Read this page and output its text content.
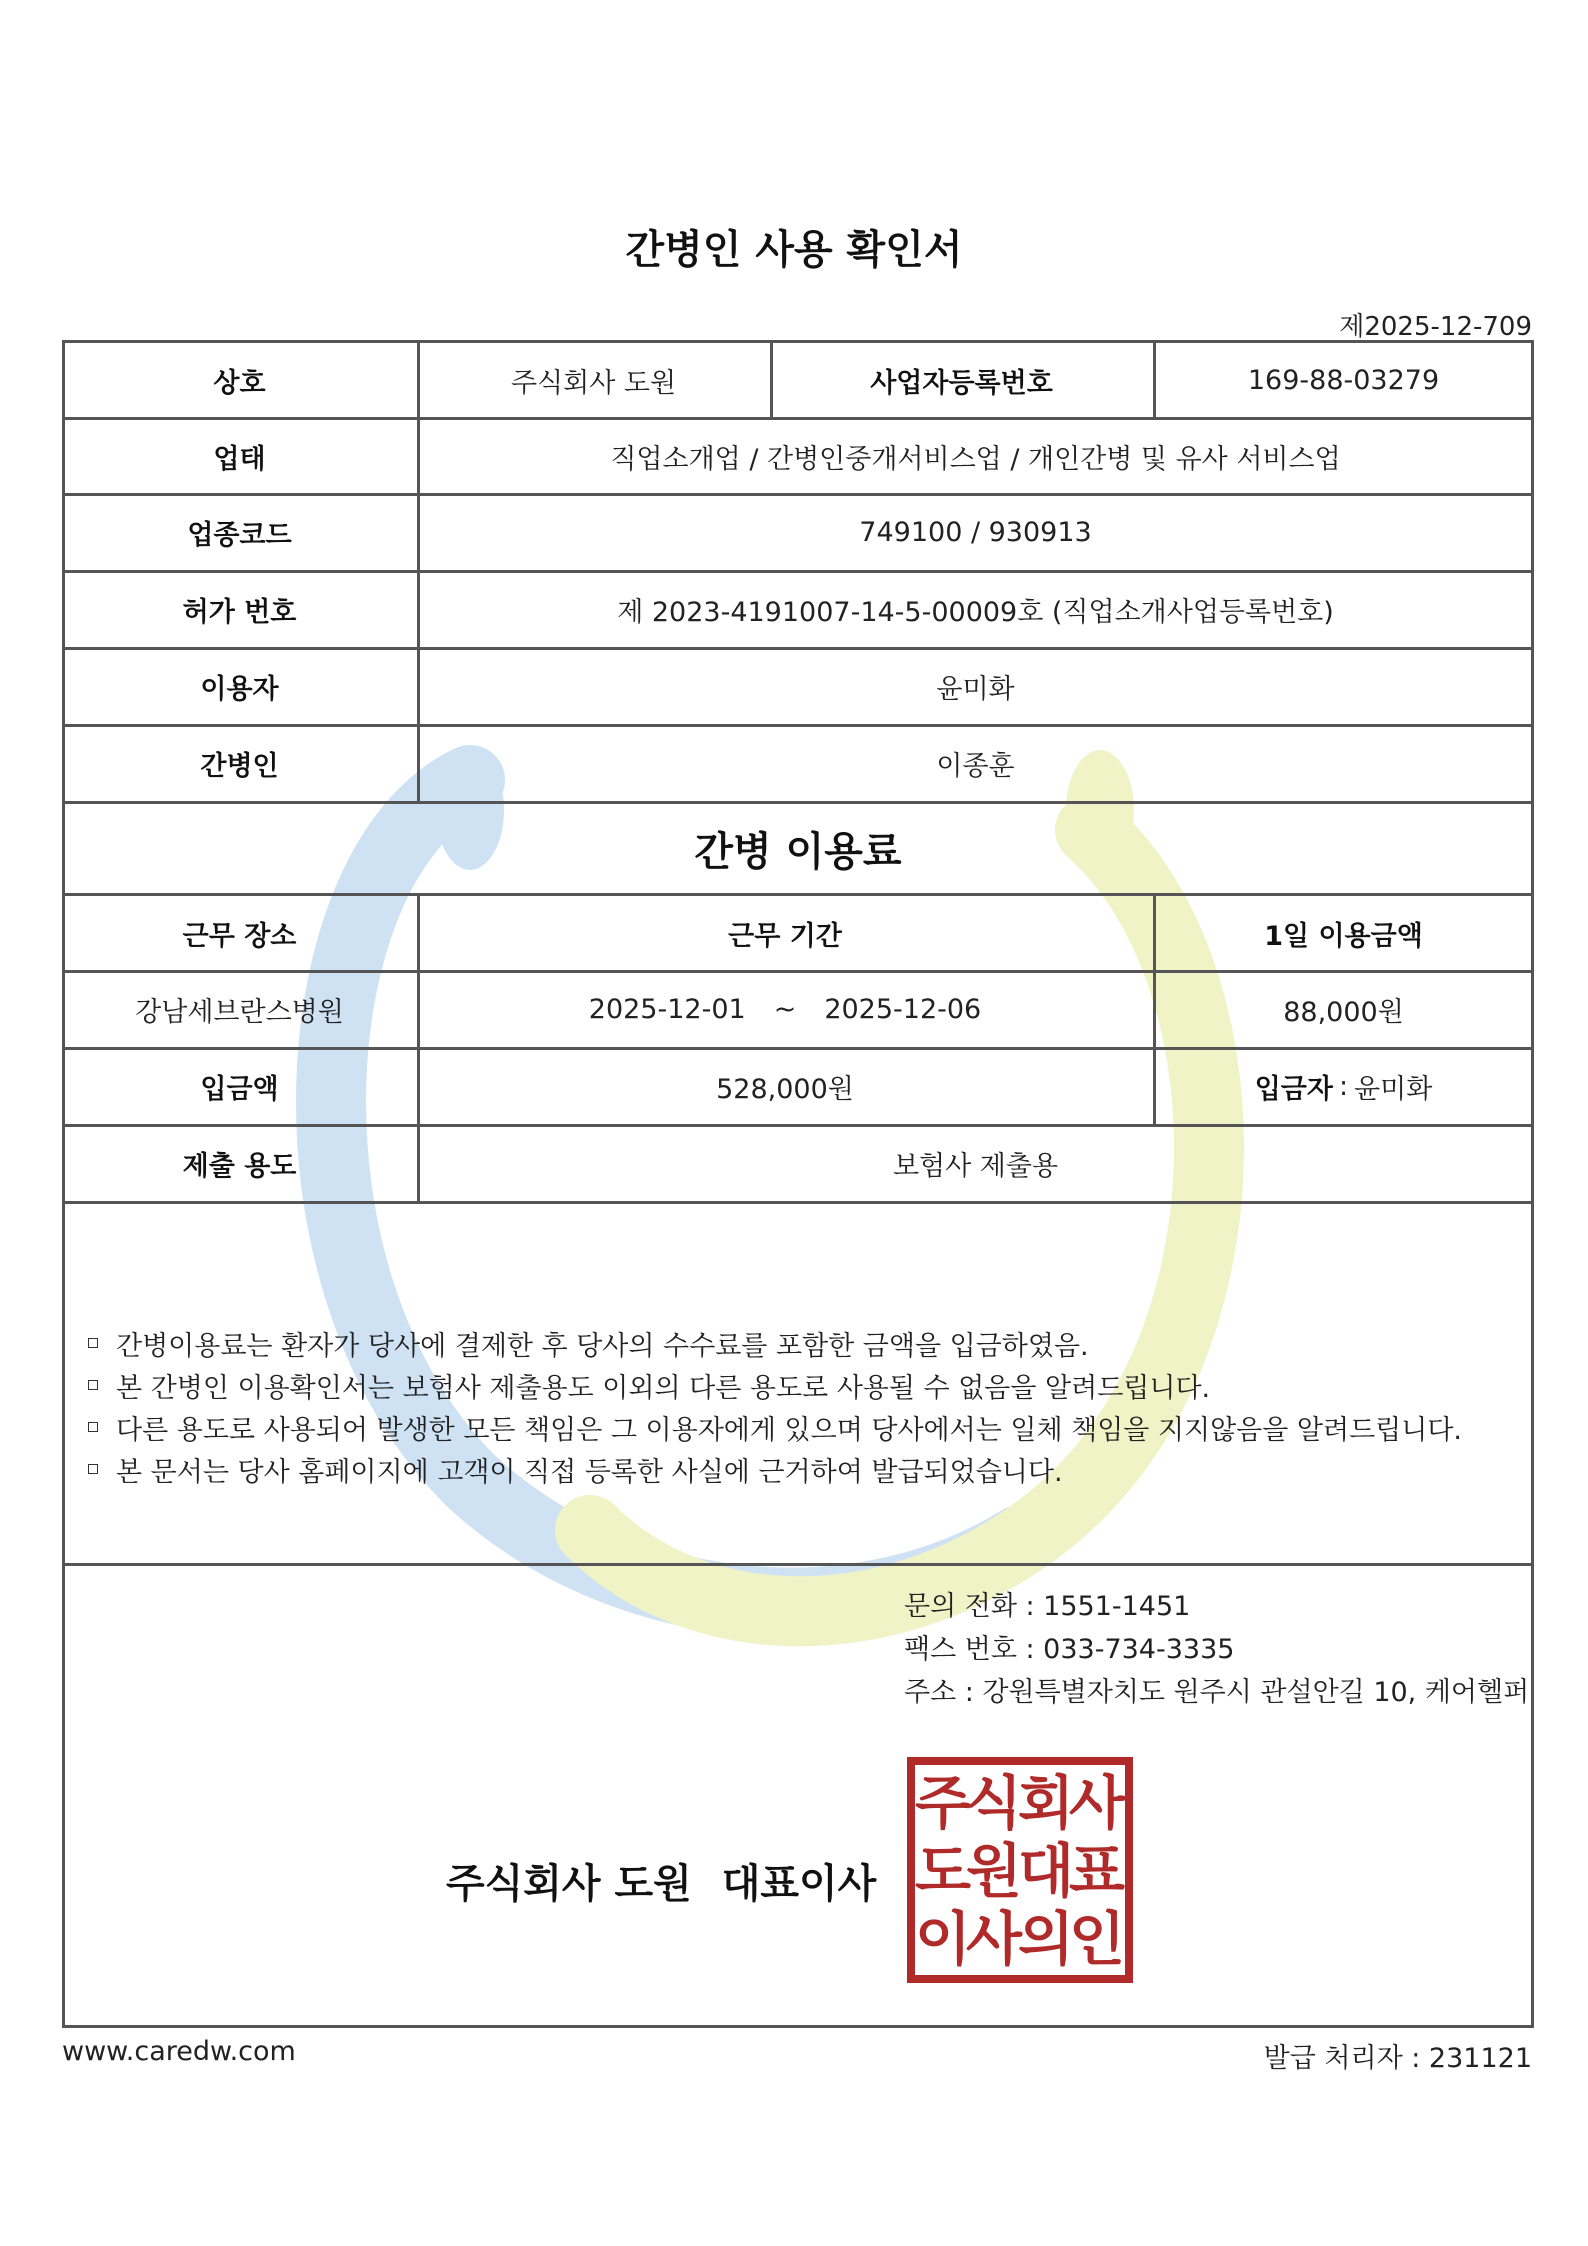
간병인 사용 확인서
제2025-12-709
상호	주식회사 도원	사업자등록번호	169-88-03279
업태	직업소개업 / 간병인중개서비스업 / 개인간병 및 유사 서비스업
업종코드	749100 / 930913
허가 번호	제 2023-4191007-14-5-00009호 (직업소개사업등록번호)
이용자	윤미화
간병인	이종훈
간병 이용료
근무 장소	근무 기간	1일 이용금액
강남세브란스병원	2025-12-01 ~ 2025-12-06	88,000원
입금액	528,000원	입금자 : 윤미화
제출 용도	보험사 제출용
간병이용료는 환자가 당사에 결제한 후 당사의 수수료를 포함한 금액을 입금하였음.
본 간병인 이용확인서는 보험사 제출용도 이외의 다른 용도로 사용될 수 없음을 알려드립니다.
다른 용도로 사용되어 발생한 모든 책임은 그 이용자에게 있으며 당사에서는 일체 책임을 지지않음을 알려드립니다.
본 문서는 당사 홈페이지에 고객이 직접 등록한 사실에 근거하여 발급되었습니다.
문의 전화 : 1551-1451
팩스 번호 : 033-734-3335
주소 : 강원특별자치도 원주시 관설안길 10, 케어헬퍼
주식회사 도원 대표이사
주
식
회
사
도
원
대
표
이
사
의
인
www.caredw.com	발급 처리자 : 231121
